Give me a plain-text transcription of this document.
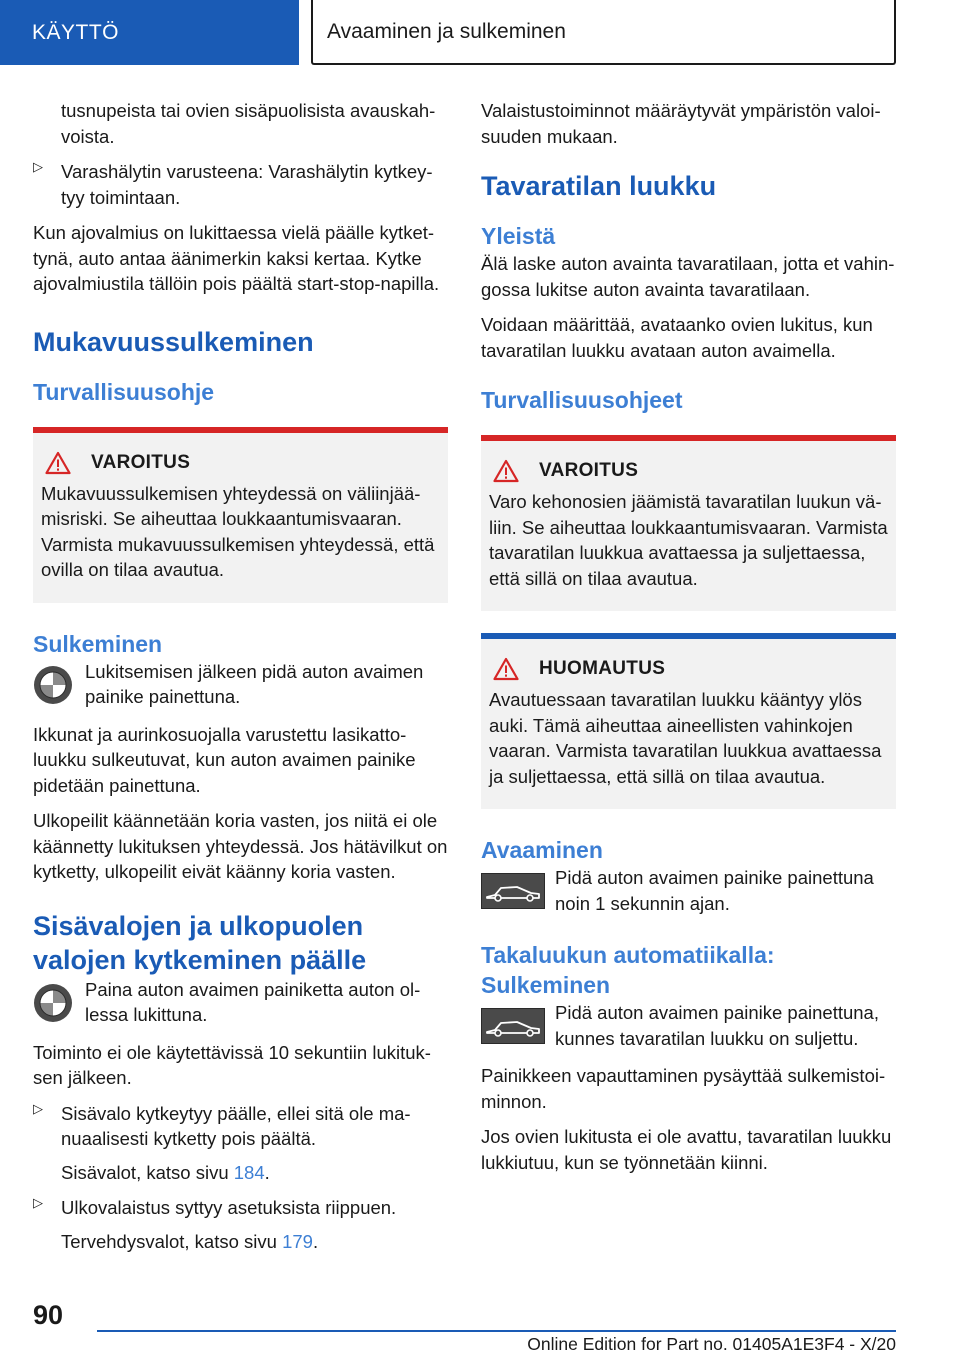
KÄYTTÖ	Avaaminen ja sulkeminen

tusnupeista tai ovien sisäpuolisista avauskah-voista.

▷ Varashälytin varusteena: Varashälytin kytkey-tyy toimintaan.

Kun ajovalmius on lukittaessa vielä päälle kytket-tynä, auto antaa äänimerkin kaksi kertaa. Kytke ajovalmiustila tällöin pois päältä start-stop-napilla.

Mukavuussulkeminen
Turvallisuusohje
VAROITUS

Mukavuussulkemisen yhteydessä on väliinjää-misriski. Se aiheuttaa loukkaantumisvaaran. Varmista mukavuussulkemisen yhteydessä, että ovilla on tilaa avautua.

Sulkeminen

Lukitsemisen jälkeen pidä auton avaimen painike painettuna.

Ikkunat ja aurinkosuojalla varustettu lasikatto-luukku sulkeutuvat, kun auton avaimen painike pidetään painettuna.

Ulkopeilit käännetään koria vasten, jos niitä ei ole käännetty lukituksen yhteydessä. Jos hätävilkut on kytketty, ulkopeilit eivät käänny koria vasten.

Sisävalojen ja ulkopuolen valojen kytkeminen päälle

Paina auton avaimen painiketta auton ol-lessa lukittuna.

Toiminto ei ole käytettävissä 10 sekuntiin lukituk-sen jälkeen.

▷ Sisävalo kytkeytyy päälle, ellei sitä ole ma-nuaalisesti kytketty pois päältä.

Sisävalot, katso sivu 184.

▷ Ulkovalaistus syttyy asetuksista riippuen.

Tervehdysvalot, katso sivu 179.

Valaistustoiminnot määräytyvät ympäristön valoi-suuden mukaan.

Tavaratilan luukku
Yleistä

Älä laske auton avainta tavaratilaan, jotta et vahin-gossa lukitse auton avainta tavaratilaan.

Voidaan määrittää, avataanko ovien lukitus, kun tavaratilan luukku avataan auton avaimella.

Turvallisuusohjeet
VAROITUS

Varo kehonosien jäämistä tavaratilan luukun vä-liin. Se aiheuttaa loukkaantumisvaaran. Varmista tavaratilan luukkua avattaessa ja suljettaessa, että sillä on tilaa avautua.

HUOMAUTUS

Avautuessaan tavaratilan luukku kääntyy ylös auki. Tämä aiheuttaa aineellisten vahinkojen vaaran. Varmista tavaratilan luukkua avattaessa ja suljettaessa, että sillä on tilaa avautua.

Avaaminen

Pidä auton avaimen painike painettuna noin 1 sekunnin ajan.

Takaluukun automatiikalla: Sulkeminen

Pidä auton avaimen painike painettuna, kunnes tavaratilan luukku on suljettu.

Painikkeen vapauttaminen pysäyttää sulkemistoi-minnon.

Jos ovien lukitusta ei ole avattu, tavaratilan luukku lukkiutuu, kun se työnnetään kiinni.

90
Online Edition for Part no. 01405A1E3F4 - X/20
